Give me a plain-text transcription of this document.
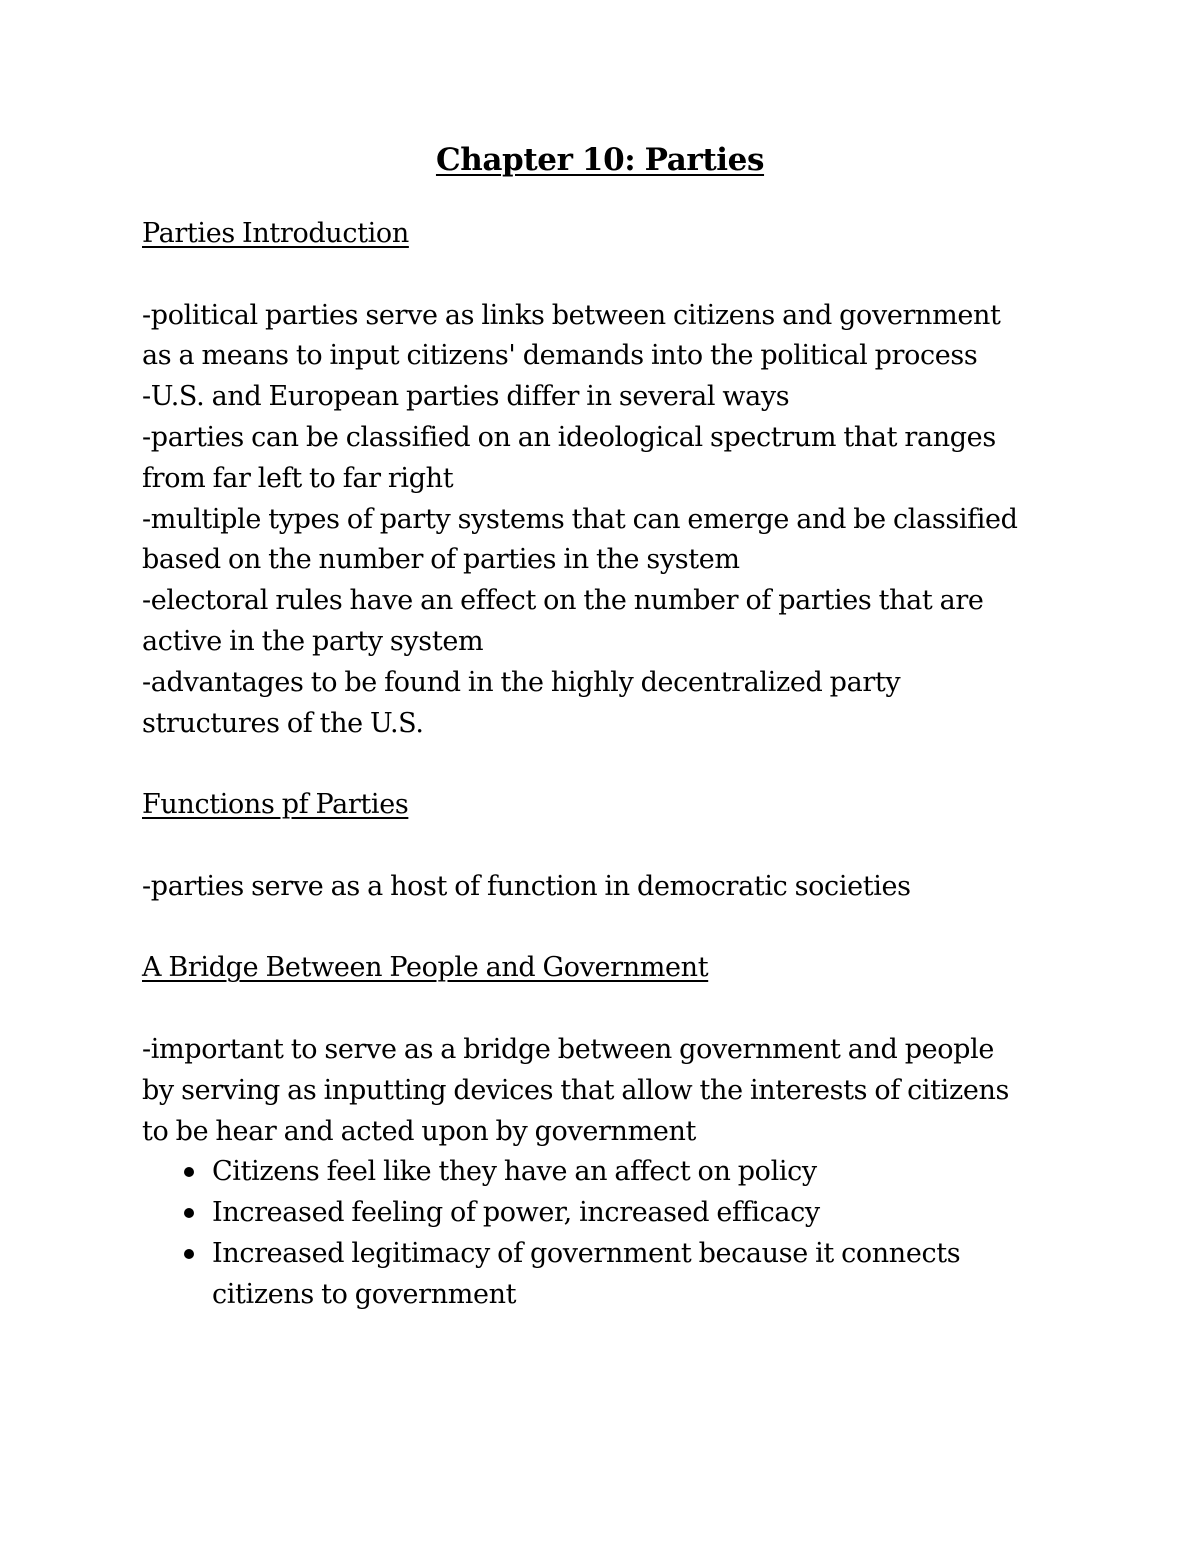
Chapter 10: Parties
Parties Introduction
-political parties serve as links between citizens and government
as a means to input citizens' demands into the political process
-U.S. and European parties differ in several ways
-parties can be classified on an ideological spectrum that ranges
from far left to far right
-multiple types of party systems that can emerge and be classified
based on the number of parties in the system
-electoral rules have an effect on the number of parties that are
active in the party system
-advantages to be found in the highly decentralized party
structures of the U.S.
Functions pf Parties
-parties serve as a host of function in democratic societies
A Bridge Between People and Government
-important to serve as a bridge between government and people
by serving as inputting devices that allow the interests of citizens
to be hear and acted upon by government
Citizens feel like they have an affect on policy
Increased feeling of power, increased efficacy
Increased legitimacy of government because it connects
citizens to government
